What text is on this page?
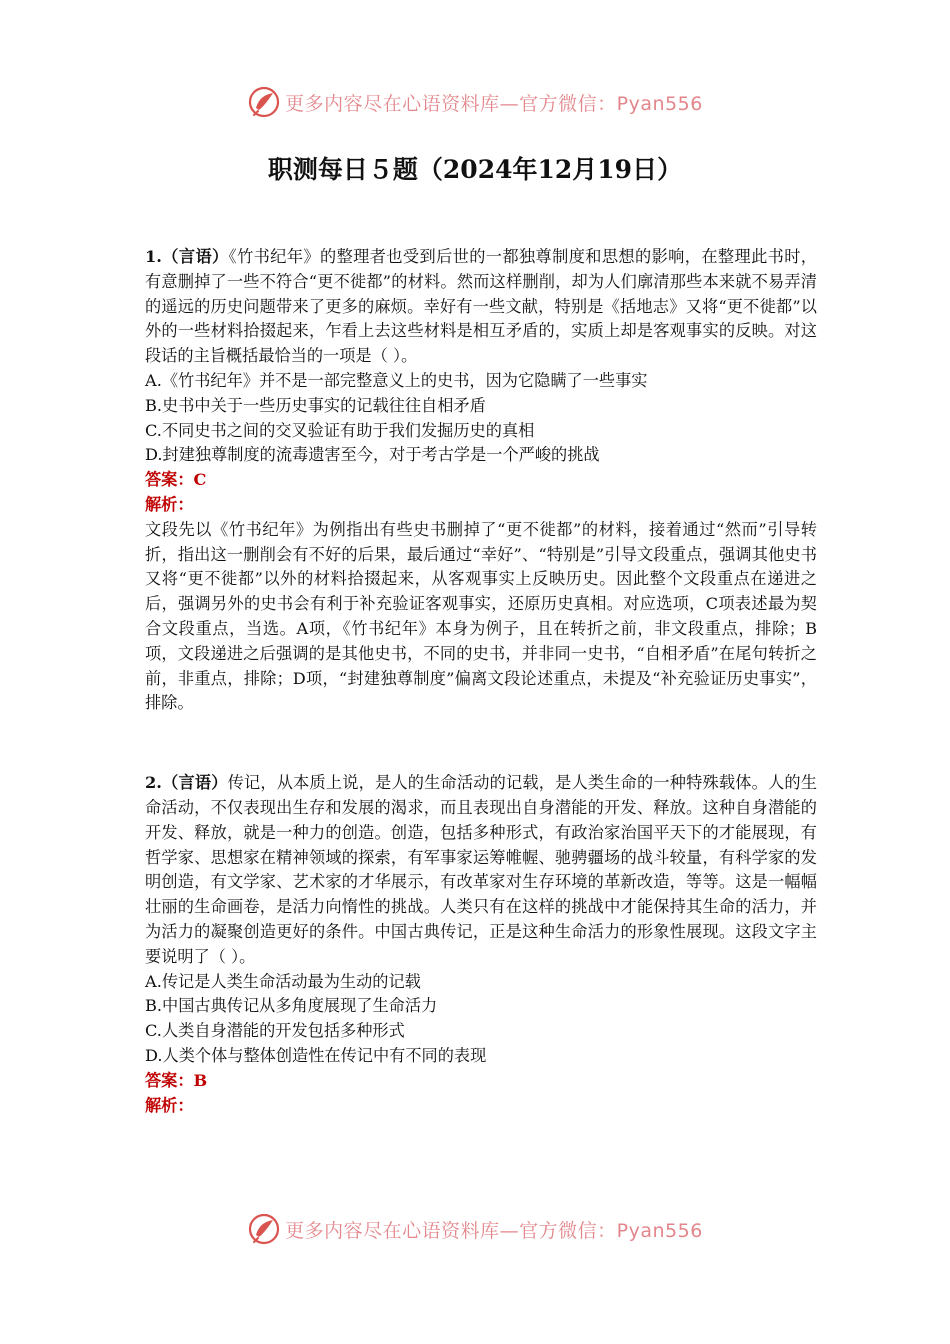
更多内容尽在心语资料库—官方微信：Pyan556
职测每日５题（2024年12月19日）

1.（言语）《竹书纪年》的整理者也受到后世的一都独尊制度和思想的影响，在整理此书时，有意删掉了一些不符合“更不徙都”的材料。然而这样删削，却为人们廓清那些本来就不易弄清的遥远的历史问题带来了更多的麻烦。幸好有一些文献，特别是《括地志》又将“更不徙都”以外的一些材料拾掇起来，乍看上去这些材料是相互矛盾的，实质上却是客观事实的反映。对这段话的主旨概括最恰当的一项是（ ）。

A.《竹书纪年》并不是一部完整意义上的史书，因为它隐瞒了一些事实

B.史书中关于一些历史事实的记载往往自相矛盾

C.不同史书之间的交叉验证有助于我们发掘历史的真相

D.封建独尊制度的流毒遗害至今，对于考古学是一个严峻的挑战

答案：C

解析：

文段先以《竹书纪年》为例指出有些史书删掉了“更不徙都”的材料，接着通过“然而”引导转折，指出这一删削会有不好的后果，最后通过“幸好”、“特别是”引导文段重点，强调其他史书又将“更不徙都”以外的材料拾掇起来，从客观事实上反映历史。因此整个文段重点在递进之后，强调另外的史书会有利于补充验证客观事实，还原历史真相。对应选项，C项表述最为契合文段重点，当选。A项，《竹书纪年》本身为例子，且在转折之前，非文段重点，排除；B项，文段递进之后强调的是其他史书，不同的史书，并非同一史书，“自相矛盾”在尾句转折之前，非重点，排除；D项，“封建独尊制度”偏离文段论述重点，未提及“补充验证历史事实”，排除。

2.（言语）传记，从本质上说，是人的生命活动的记载，是人类生命的一种特殊载体。人的生命活动，不仅表现出生存和发展的渴求，而且表现出自身潜能的开发、释放。这种自身潜能的开发、释放，就是一种力的创造。创造，包括多种形式，有政治家治国平天下的才能展现，有哲学家、思想家在精神领域的探索，有军事家运筹帷幄、驰骋疆场的战斗较量，有科学家的发明创造，有文学家、艺术家的才华展示，有改革家对生存环境的革新改造，等等。这是一幅幅壮丽的生命画卷，是活力向惰性的挑战。人类只有在这样的挑战中才能保持其生命的活力，并为活力的凝聚创造更好的条件。中国古典传记，正是这种生命活力的形象性展现。这段文字主要说明了（ ）。

A.传记是人类生命活动最为生动的记载

B.中国古典传记从多角度展现了生命活力

C.人类自身潜能的开发包括多种形式

D.人类个体与整体创造性在传记中有不同的表现

答案：B

解析：

更多内容尽在心语资料库—官方微信：Pyan556
